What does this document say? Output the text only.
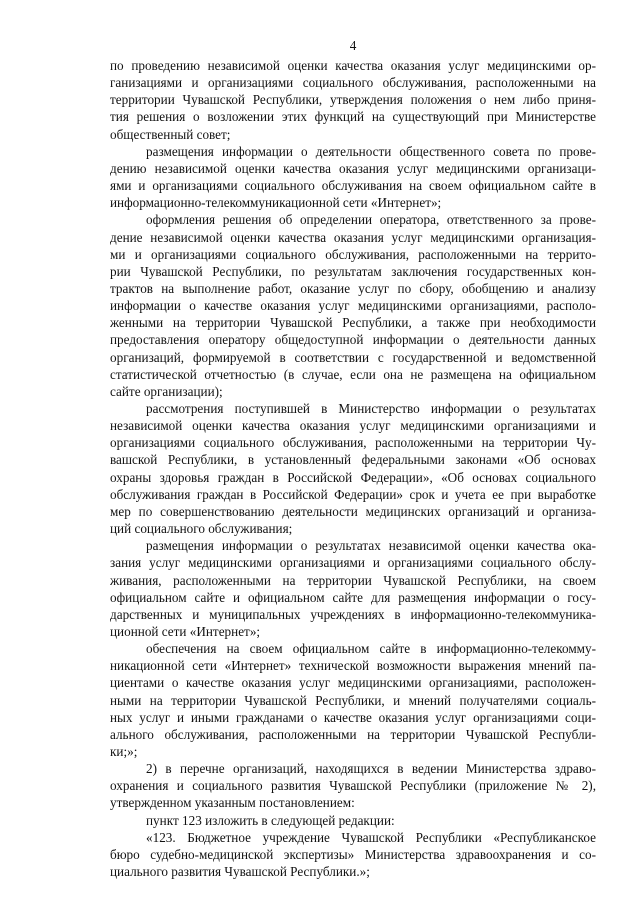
4
по проведению независимой оценки качества оказания услуг медицинскими ор-
ганизациями и организациями социального обслуживания, расположенными на
территории Чувашской Республики, утверждения положения о нем либо приня-
тия решения о возложении этих функций на существующий при Министерстве
общественный совет;
размещения информации о деятельности общественного совета по прове-
дению независимой оценки качества оказания услуг медицинскими организаци-
ями и организациями социального обслуживания на своем официальном сайте в
информационно-телекоммуникационной сети «Интернет»;
оформления решения об определении оператора, ответственного за прове-
дение независимой оценки качества оказания услуг медицинскими организация-
ми и организациями социального обслуживания, расположенными на террито-
рии Чувашской Республики, по результатам заключения государственных кон-
трактов на выполнение работ, оказание услуг по сбору, обобщению и анализу
информации о качестве оказания услуг медицинскими организациями, располо-
женными на территории Чувашской Республики, а также при необходимости
предоставления оператору общедоступной информации о деятельности данных
организаций, формируемой в соответствии с государственной и ведомственной
статистической отчетностью (в случае, если она не размещена на официальном
сайте организации);
рассмотрения поступившей в Министерство информации о результатах
независимой оценки качества оказания услуг медицинскими организациями и
организациями социального обслуживания, расположенными на территории Чу-
вашской Республики, в установленный федеральными законами «Об основах
охраны здоровья граждан в Российской Федерации», «Об основах социального
обслуживания граждан в Российской Федерации» срок и учета ее при выработке
мер по совершенствованию деятельности медицинских организаций и организа-
ций социального обслуживания;
размещения информации о результатах независимой оценки качества ока-
зания услуг медицинскими организациями и организациями социального обслу-
живания, расположенными на территории Чувашской Республики, на своем
официальном сайте и официальном сайте для размещения информации о госу-
дарственных и муниципальных учреждениях в информационно-телекоммуника-
ционной сети «Интернет»;
обеспечения на своем официальном сайте в информационно-телекомму-
никационной сети «Интернет» технической возможности выражения мнений па-
циентами о качестве оказания услуг медицинскими организациями, расположен-
ными на территории Чувашской Республики, и мнений получателями социаль-
ных услуг и иными гражданами о качестве оказания услуг организациями соци-
ального обслуживания, расположенными на территории Чувашской Республи-
ки;»;
2) в перечне организаций, находящихся в ведении Министерства здраво-
охранения и социального развития Чувашской Республики (приложение № 2),
утвержденном указанным постановлением:
пункт 123 изложить в следующей редакции:
«123. Бюджетное учреждение Чувашской Республики «Республиканское
бюро судебно-медицинской экспертизы» Министерства здравоохранения и со-
циального развития Чувашской Республики.»;
